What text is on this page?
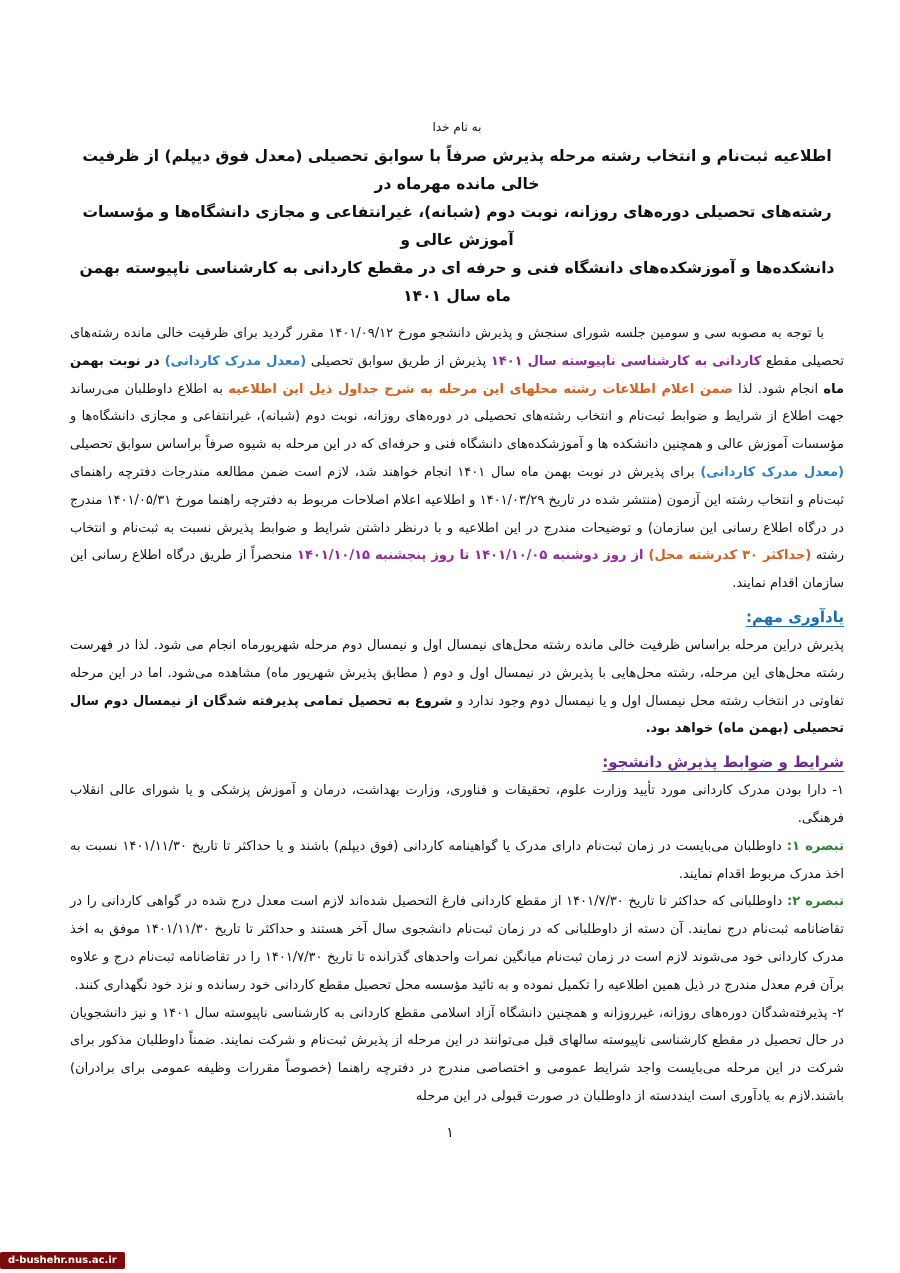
به نام خدا

اطلاعیه ثبت‌نام و انتخاب رشته مرحله پذیرش صرفاً با سوابق تحصیلی (معدل فوق دیپلم) از ظرفیت خالی مانده مهرماه در
رشته‌های تحصیلی دوره‌های روزانه، نوبت دوم (شبانه)، غیرانتفاعی و مجازی دانشگاه‌ها و مؤسسات آموزش عالی و
دانشکده‌ها و آموزشکده‌های دانشگاه فنی و حرفه ای در مقطع کاردانی به کارشناسی ناپیوسته بهمن ماه سال ۱۴۰۱

با توجه به مصوبه سی و سومین جلسه شورای سنجش و پذیرش دانشجو مورخ ۱۴۰۱/۰۹/۱۲ مقرر گردید برای ظرفیت خالی مانده رشته‌های تحصیلی مقطع کاردانی به کارشناسی ناپیوسته سال ۱۴۰۱ پذیرش از طریق سوابق تحصیلی (معدل مدرک کاردانی) در نوبت بهمن ماه انجام شود. لذا ضمن اعلام اطلاعات رشته محلهای این مرحله به شرح جداول ذیل این اطلاعیه به اطلاع داوطلبان می‌رساند جهت اطلاع از شرایط و ضوابط ثبت‌نام و انتخاب رشته‌های تحصیلی در دوره‌های روزانه، نوبت دوم (شبانه)، غیرانتفاعی و مجازی دانشگاه‌ها و مؤسسات آموزش عالی و همچنین دانشکده ها و آموزشکده‌های دانشگاه فنی و حرفه‌ای که در این مرحله به شیوه صرفاً براساس سوابق تحصیلی (معدل مدرک کاردانی) برای پذیرش در نوبت بهمن ماه سال ۱۴۰۱ انجام خواهند شد، لازم است ضمن مطالعه مندرجات دفترچه راهنمای ثبت‌نام و انتخاب رشته این آزمون (منتشر شده در تاریخ ۱۴۰۱/۰۳/۲۹ و اطلاعیه اعلام اصلاحات مربوط به دفترچه راهنما مورخ ۱۴۰۱/۰۵/۳۱ مندرج در درگاه اطلاع رسانی این سازمان) و توضیحات مندرج در این اطلاعیه و با درنظر داشتن شرایط و ضوابط پذیرش نسبت به ثبت‌نام و انتخاب رشته (حداکثر ۳۰ کدرشته محل) از روز دوشنبه ۱۴۰۱/۱۰/۰۵ تا روز پنجشنبه ۱۴۰۱/۱۰/۱۵ منحصراً از طریق درگاه اطلاع رسانی این سازمان اقدام نمایند.

یادآوری مهم:

پذیرش دراین مرحله براساس ظرفیت خالی مانده رشته محل‌های نیمسال اول و نیمسال دوم مرحله شهریورماه انجام می شود. لذا در فهرست رشته محل‌های این مرحله، رشته محل‌هایی با پذیرش در نیمسال اول و دوم ( مطابق پذیرش شهریور ماه) مشاهده می‌شود. اما در این مرحله تفاوتی در انتخاب رشته محل نیمسال اول و یا نیمسال دوم وجود ندارد و شروع به تحصیل تمامی پذیرفته شدگان از نیمسال دوم سال تحصیلی (بهمن ماه) خواهد بود.

شرایط و ضوابط پذیرش دانشجو:

۱- دارا بودن مدرک کاردانی مورد تأیید وزارت علوم، تحقیقات و فناوری، وزارت بهداشت، درمان و آموزش پزشکی و یا شورای عالی انقلاب فرهنگی.

تبصره ۱: داوطلبان می‌بایست در زمان ثبت‌نام دارای مدرک یا گواهینامه کاردانی (فوق دیپلم) باشند و یا حداکثر تا تاریخ ۱۴۰۱/۱۱/۳۰ نسبت به اخذ مدرک مربوط اقدام نمایند.

تبصره ۲: داوطلبانی که حداکثر تا تاریخ ۱۴۰۱/۷/۳۰ از مقطع کاردانی فارغ التحصیل شده‌اند لازم است معدل درج شده در گواهی کاردانی را در تقاضانامه ثبت‌نام درج نمایند. آن دسته از داوطلبانی که در زمان ثبت‌نام دانشجوی سال آخر هستند و حداکثر تا تاریخ ۱۴۰۱/۱۱/۳۰ موفق به اخذ مدرک کاردانی خود می‌شوند لازم است در زمان ثبت‌نام میانگین نمرات واحدهای گذرانده تا تاریخ ۱۴۰۱/۷/۳۰ را در تقاضانامه ثبت‌نام درج و علاوه برآن فرم معدل مندرج در ذیل همین اطلاعیه را تکمیل نموده و به تائید مؤسسه محل تحصیل مقطع کاردانی خود رسانده و نزد خود نگهداری کنند.

۲- پذیرفته‌شدگان دوره‌های روزانه، غیرروزانه و همچنین دانشگاه آزاد اسلامی مقطع کاردانی به کارشناسی ناپیوسته سال ۱۴۰۱ و نیز دانشجویان در حال تحصیل در مقطع کارشناسی ناپیوسته سالهای قبل می‌توانند در این مرحله از پذیرش ثبت‌نام و شرکت نمایند. ضمناً داوطلبان مذکور برای شرکت در این مرحله می‌بایست واجد شرایط عمومی و اختصاصی مندرج در دفترچه راهنما (خصوصاً مقررات وظیفه عمومی برای برادران) باشند.لازم به یادآوری است اینددسته از داوطلبان در صورت قبولی در این مرحله

۱
d-bushehr.nus.ac.ir
